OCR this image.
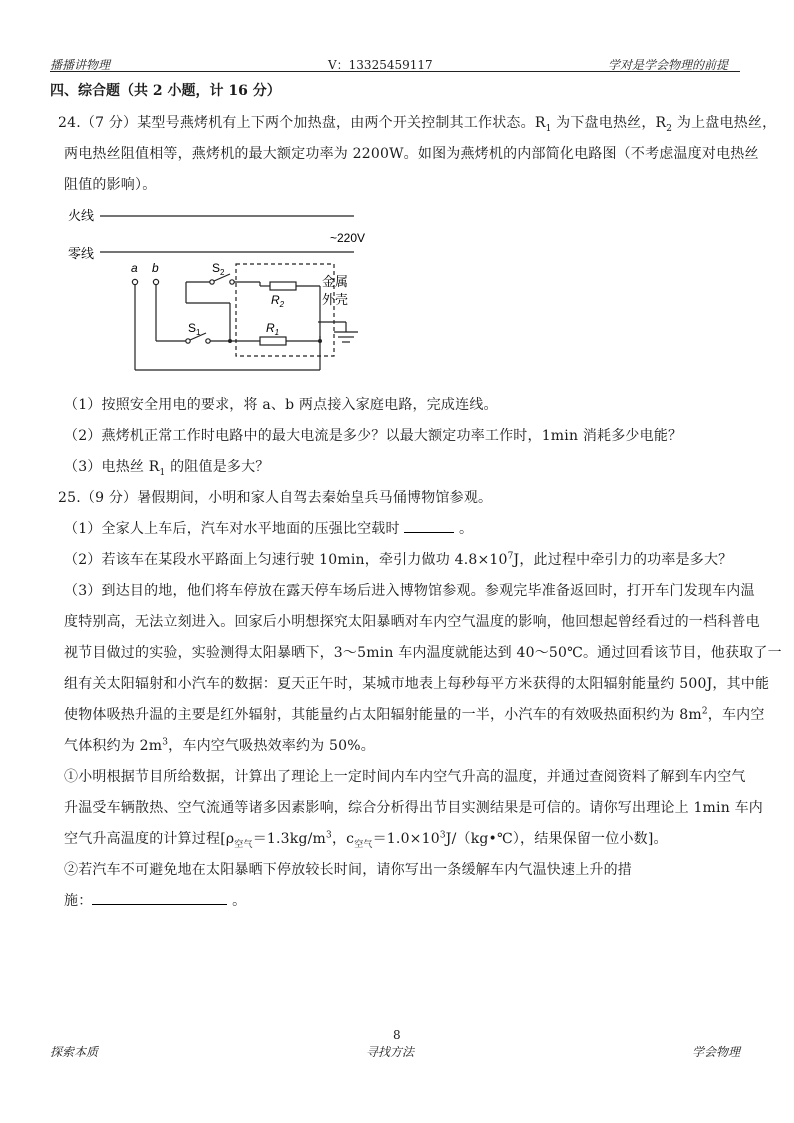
播播讲物理	V：13325459117	学对是学会物理的前提
四、综合题（共 2 小题，计 16 分）
24.（7 分）某型号燕烤机有上下两个加热盘，由两个开关控制其工作状态。$R_1$ 为下盘电热丝，$R_2$ 为上盘电热丝，
两电热丝阻值相等，燕烤机的最大额定功率为 2200W。如图为燕烤机的内部简化电路图（不考虑温度对电热丝
阻值的影响）。
火线
零线
~220V
a b	$S_2$
$S_1$
$R_2$
$R_1$
金属
外壳
（1）按照安全用电的要求，将 a、b 两点接入家庭电路，完成连线。
（2）燕烤机正常工作时电路中的最大电流是多少？以最大额定功率工作时，1min 消耗多少电能？
（3）电热丝 $R_1$ 的阻值是多大？
25.（9 分）暑假期间，小明和家人自驾去秦始皇兵马俑博物馆参观。
（1）全家人上车后，汽车对水平地面的压强比空载时	。
（2）若该车在某段水平路面上匀速行驶 10min，牵引力做功 $4.8\times 10^7J$，此过程中牵引力的功率是多大？
（3）到达目的地，他们将车停放在露天停车场后进入博物馆参观。参观完毕准备返回时，打开车门发现车内温
度特别高，无法立刻进入。回家后小明想探究太阳暴晒对车内空气温度的影响，他回想起曾经看过的一档科普电
视节目做过的实验，实验测得太阳暴晒下，3～5min 车内温度就能达到 40～50℃。通过回看该节目，他获取了一
组有关太阳辐射和小汽车的数据：夏天正午时，某城市地表上每秒每平方米获得的太阳辐射能量约 500J，其中能
使物体吸热升温的主要是红外辐射，其能量约占太阳辐射能量的一半，小汽车的有效吸热面积约为 $8m^2$，车内空
气体积约为 $2m^3$，车内空气吸热效率约为 50%。
①小明根据节目所给数据，计算出了理论上一定时间内车内空气升高的温度，并通过查阅资料了解到车内空气
升温受车辆散热、空气流通等诸多因素影响，综合分析得出节目实测结果是可信的。请你写出理论上 1min 车内
空气升高温度的计算过程[$\rho_{空气}=1.3kg/m^3$，$c_{空气}=1.0\times 10^3J/(kg•℃)$，结果保留一位小数]。
②若汽车不可避免地在太阳暴晒下停放较长时间，请你写出一条缓解车内气温快速上升的措
施：	。
8
探索本质	寻找方法	学会物理
